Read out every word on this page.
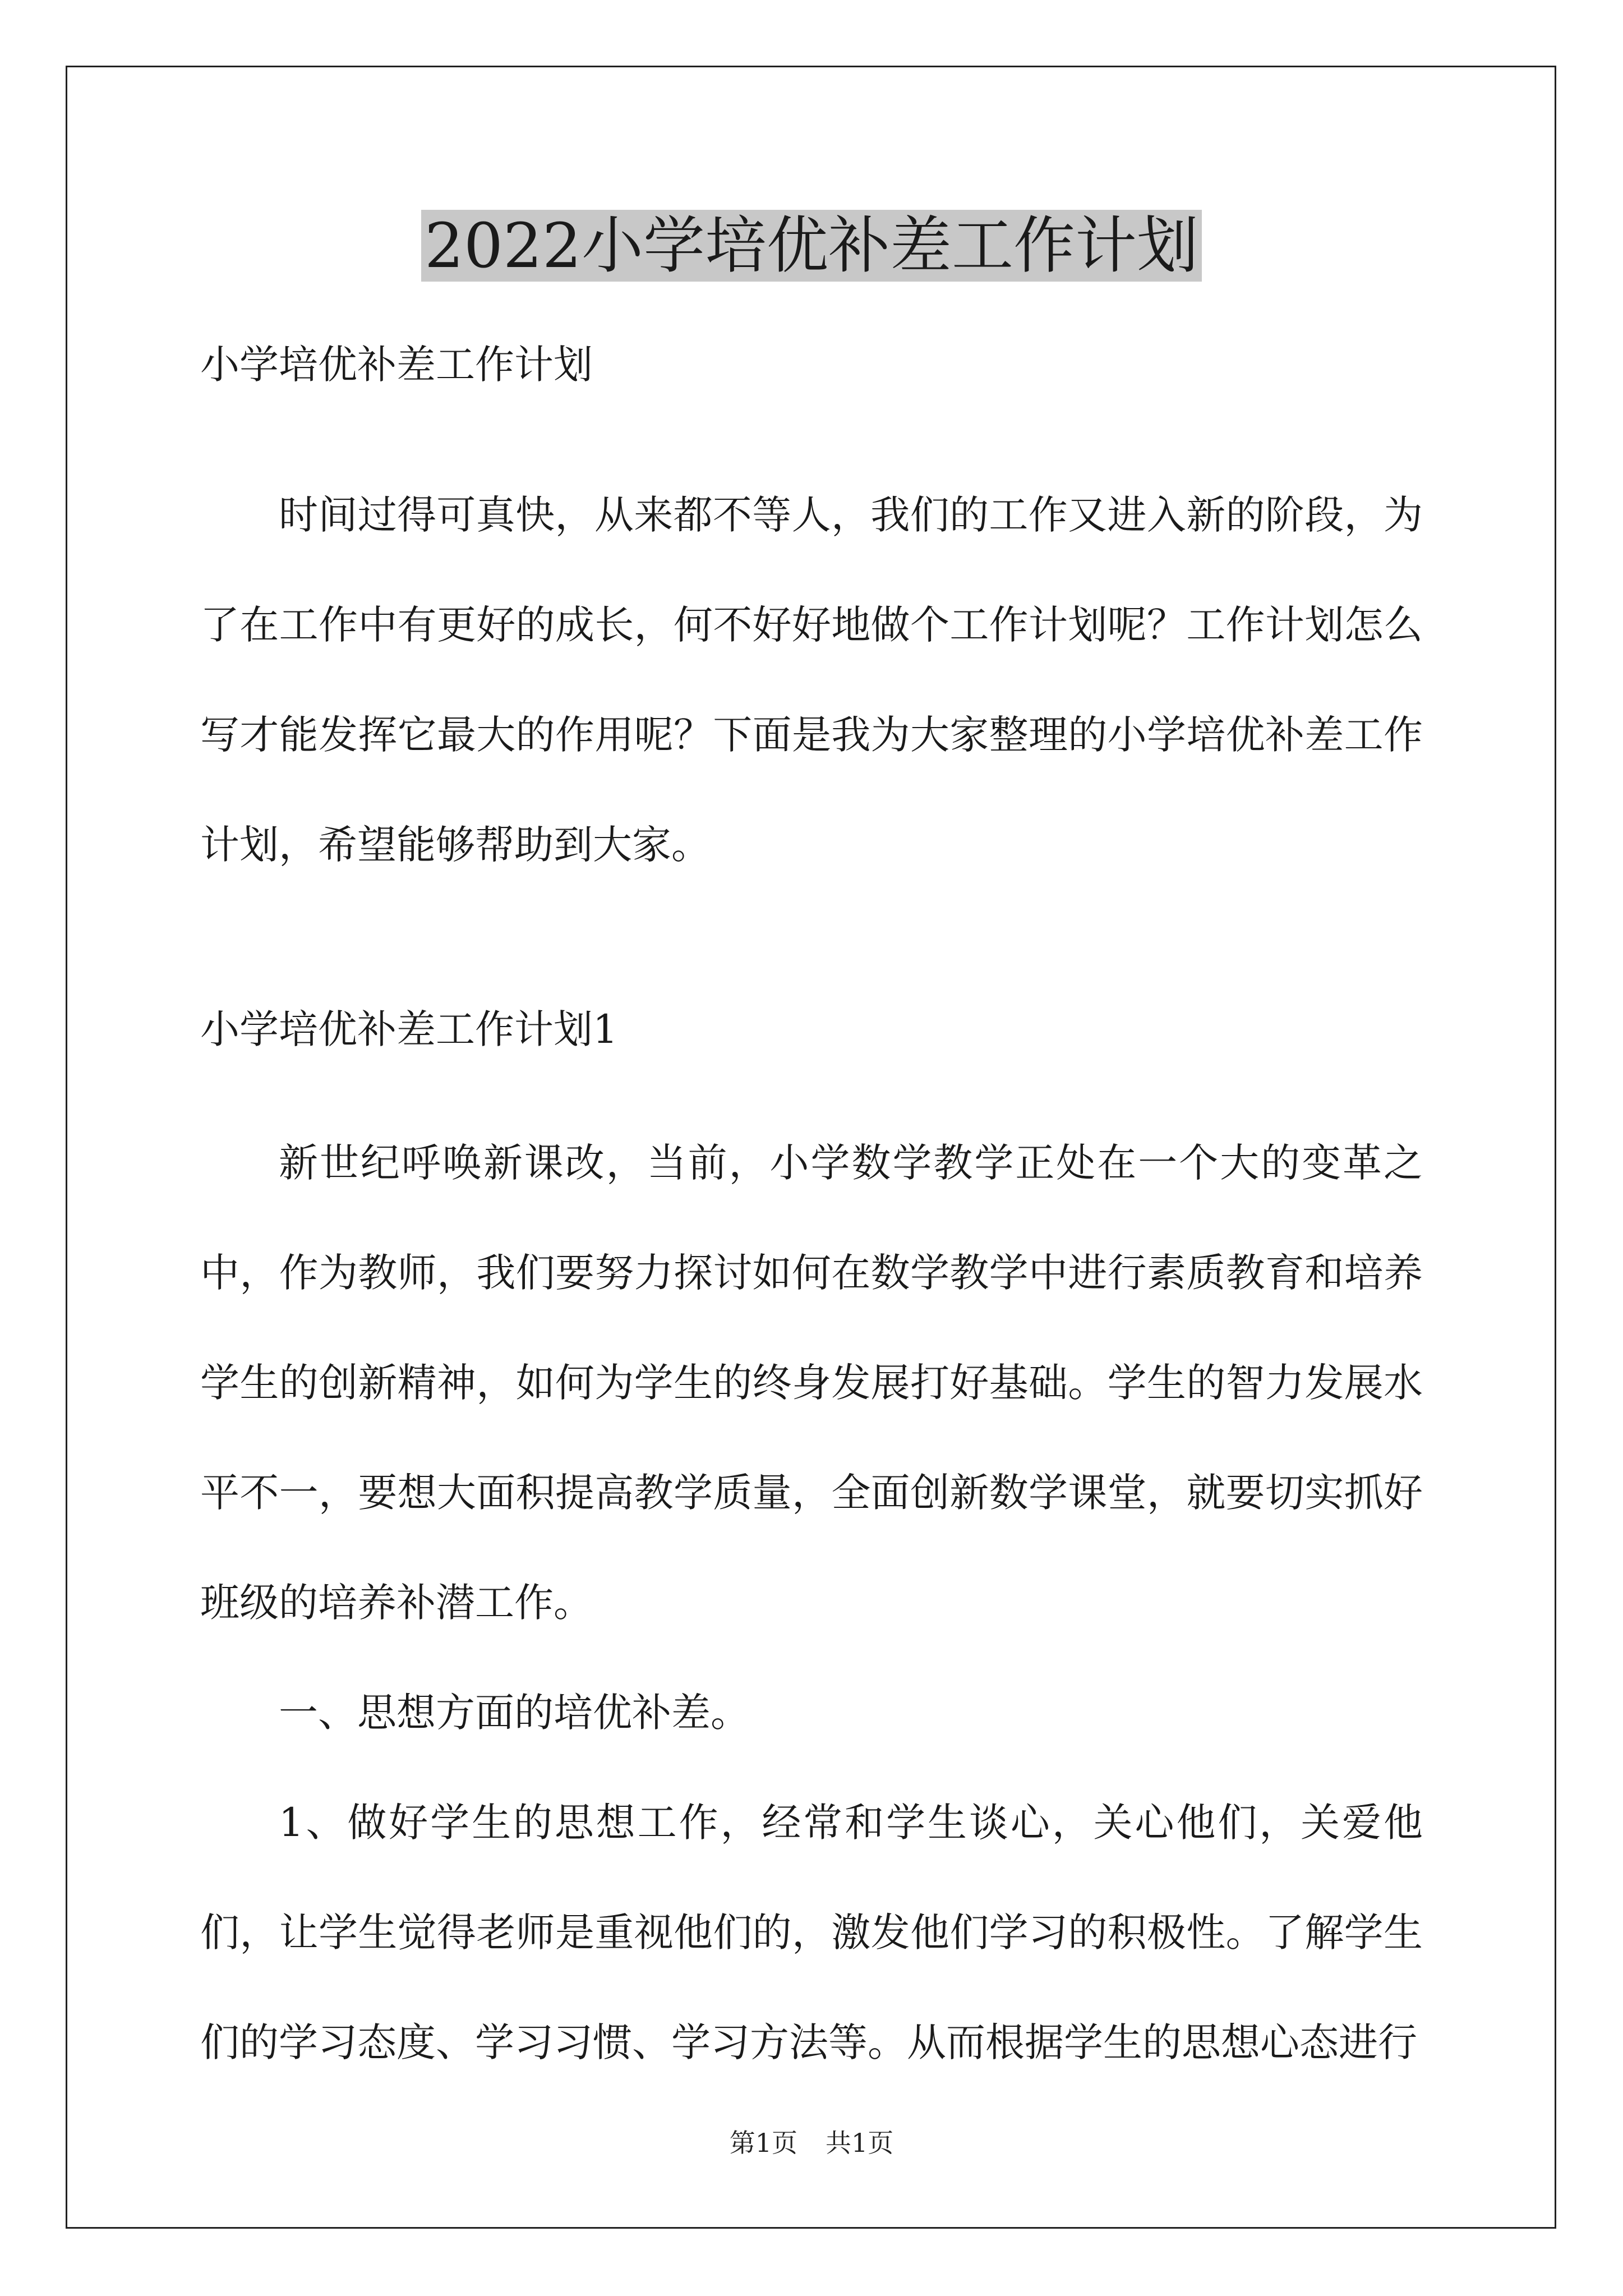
2022小学培优补差工作计划
小学培优补差工作计划

时间过得可真快，从来都不等人，我们的工作又进入新的阶段，为了在工作中有更好的成长，何不好好地做个工作计划呢？工作计划怎么写才能发挥它最大的作用呢？下面是我为大家整理的小学培优补差工作计划，希望能够帮助到大家。

小学培优补差工作计划1

新世纪呼唤新课改，当前，小学数学教学正处在一个大的变革之中，作为教师，我们要努力探讨如何在数学教学中进行素质教育和培养学生的创新精神，如何为学生的终身发展打好基础。学生的智力发展水平不一，要想大面积提高教学质量，全面创新数学课堂，就要切实抓好班级的培养补潜工作。

一、思想方面的培优补差。

1、做好学生的思想工作，经常和学生谈心，关心他们，关爱他们，让学生觉得老师是重视他们的，激发他们学习的积极性。了解学生们的学习态度、学习习惯、学习方法等。从而根据学生的思想心态进行

第1页 共1页
